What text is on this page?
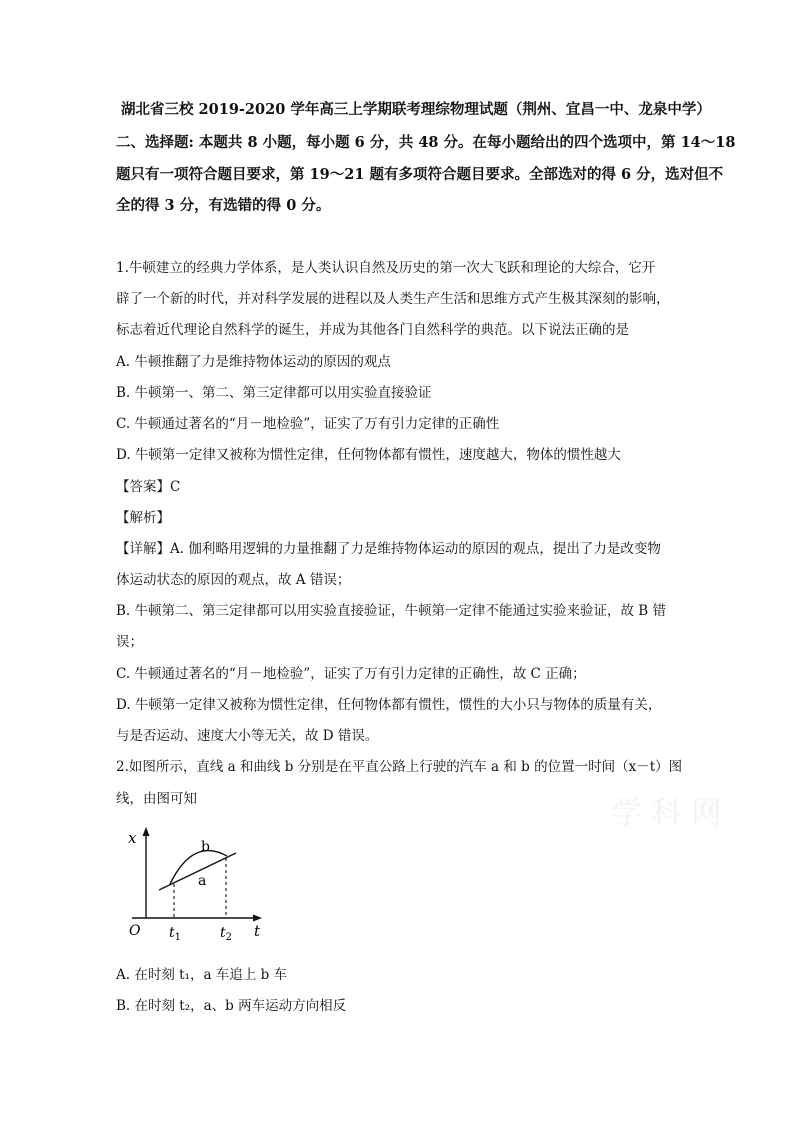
湖北省三校 2019-2020 学年高三上学期联考理综物理试题（荆州、宜昌一中、龙泉中学）
二、选择题: 本题共 8 小题，每小题 6 分，共 48 分。在每小题给出的四个选项中，第 14～18
题只有一项符合题目要求，第 19～21 题有多项符合题目要求。全部选对的得 6 分，选对但不
全的得 3 分，有选错的得 0 分。
1.牛顿建立的经典力学体系，是人类认识自然及历史的第一次大飞跃和理论的大综合，它开
辟了一个新的时代，并对科学发展的进程以及人类生产生活和思维方式产生极其深刻的影响，
标志着近代理论自然科学的诞生，并成为其他各门自然科学的典范。以下说法正确的是
A. 牛顿推翻了力是维持物体运动的原因的观点
B. 牛顿第一、第二、第三定律都可以用实验直接验证
C. 牛顿通过著名的“月－地检验”，证实了万有引力定律的正确性
D. 牛顿第一定律又被称为惯性定律，任何物体都有惯性，速度越大，物体的惯性越大
【答案】C
【解析】
【详解】A. 伽利略用逻辑的力量推翻了力是维持物体运动的原因的观点，提出了力是改变物
体运动状态的原因的观点，故 A 错误；
B. 牛顿第二、第三定律都可以用实验直接验证，牛顿第一定律不能通过实验来验证，故 B 错
误；
C. 牛顿通过著名的“月－地检验”，证实了万有引力定律的正确性，故 C 正确；
D. 牛顿第一定律又被称为惯性定律，任何物体都有惯性，惯性的大小只与物体的质量有关，
与是否运动、速度大小等无关，故 D 错误。
2.如图所示，直线 a 和曲线 b 分别是在平直公路上行驶的汽车 a 和 b 的位置一时间（x－t）图
线，由图可知	学 科 网
x
t
O
b
a
$t_1$	$t_2$
A. 在时刻 t₁，a 车追上 b 车
B. 在时刻 t₂，a、b 两车运动方向相反
